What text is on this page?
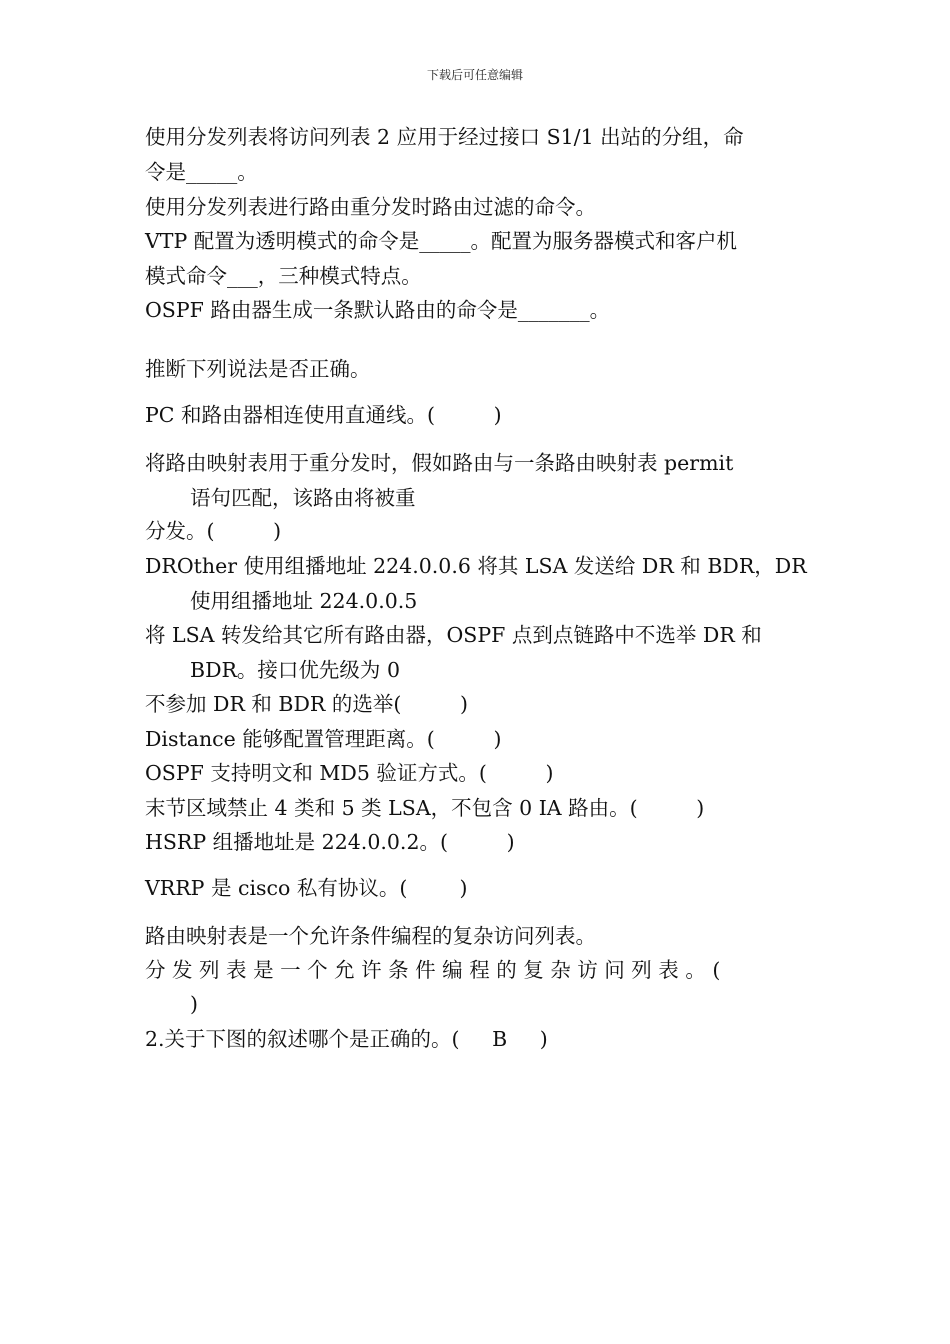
下载后可任意编辑
使用分发列表将访问列表 2 应用于经过接口 S1/1 出站的分组，命
令是_____。
使用分发列表进行路由重分发时路由过滤的命令。
VTP 配置为透明模式的命令是_____。配置为服务器模式和客户机
模式命令___，三种模式特点。
OSPF 路由器生成一条默认路由的命令是_______。
推断下列说法是否正确。
PC 和路由器相连使用直通线。(         )
将路由映射表用于重分发时，假如路由与一条路由映射表 permit
语句匹配，该路由将被重
分发。(         )
DROther 使用组播地址 224.0.0.6 将其 LSA 发送给 DR 和 BDR，DR
使用组播地址 224.0.0.5
将 LSA 转发给其它所有路由器，OSPF 点到点链路中不选举 DR 和
BDR。接口优先级为 0
不参加 DR 和 BDR 的选举(         )
Distance 能够配置管理距离。(         )
OSPF 支持明文和 MD5 验证方式。(         )
末节区域禁止 4 类和 5 类 LSA，不包含 0 IA 路由。(         )
HSRP 组播地址是 224.0.0.2。(         )
VRRP 是 cisco 私有协议。(        )
路由映射表是一个允许条件编程的复杂访问列表。
分 发 列 表 是 一 个 允 许 条 件 编 程 的 复 杂 访 问 列 表 。 (
)
2.关于下图的叙述哪个是正确的。(     B     )
